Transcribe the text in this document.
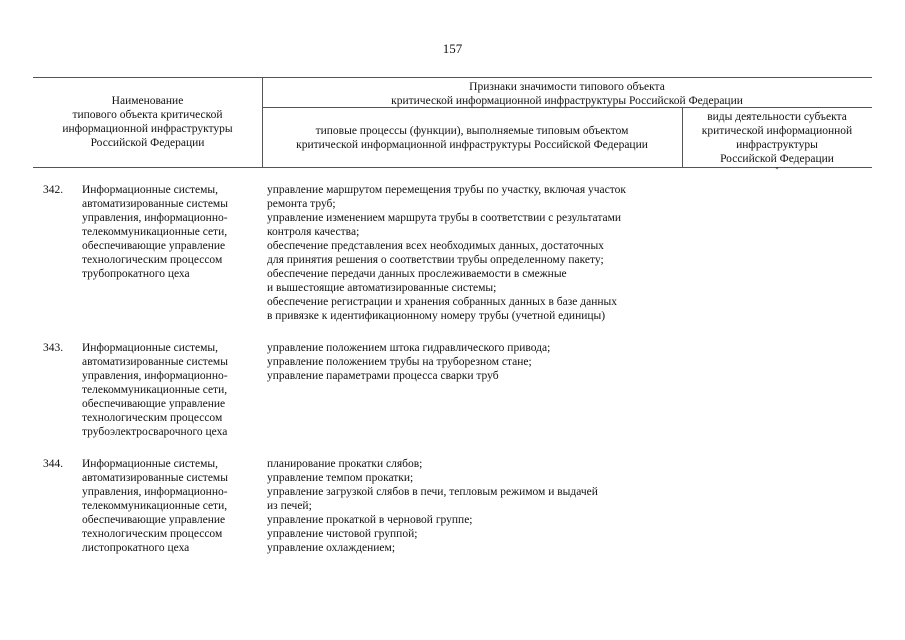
157
Наименование
типового объекта критической
информационной инфраструктуры
Российской Федерации
Признаки значимости типового объекта
критической информационной инфраструктуры Российской Федерации
типовые процессы (функции), выполняемые типовым объектом
критической информационной инфраструктуры Российской Федерации
виды деятельности субъекта
критической информационной
инфраструктуры
Российской Федерации
*
342. Информационные системы,
автоматизированные системы
управления, информационно-
телекоммуникационные сети,
обеспечивающие управление
технологическим процессом
трубопрокатного цеха
управление маршрутом перемещения трубы по участку, включая участок
ремонта труб;
управление изменением маршрута трубы в соответствии с результатами
контроля качества;
обеспечение представления всех необходимых данных, достаточных
для принятия решения о соответствии трубы определенному пакету;
обеспечение передачи данных прослеживаемости в смежные
и вышестоящие автоматизированные системы;
обеспечение регистрации и хранения собранных данных в базе данных
в привязке к идентификационному номеру трубы (учетной единицы)
343. Информационные системы,
автоматизированные системы
управления, информационно-
телекоммуникационные сети,
обеспечивающие управление
технологическим процессом
трубоэлектросварочного цеха
управление положением штока гидравлического привода;
управление положением трубы на труборезном стане;
управление параметрами процесса сварки труб
344. Информационные системы,
автоматизированные системы
управления, информационно-
телекоммуникационные сети,
обеспечивающие управление
технологическим процессом
листопрокатного цеха
планирование прокатки слябов;
управление темпом прокатки;
управление загрузкой слябов в печи, тепловым режимом и выдачей
из печей;
управление прокаткой в черновой группе;
управление чистовой группой;
управление охлаждением;
